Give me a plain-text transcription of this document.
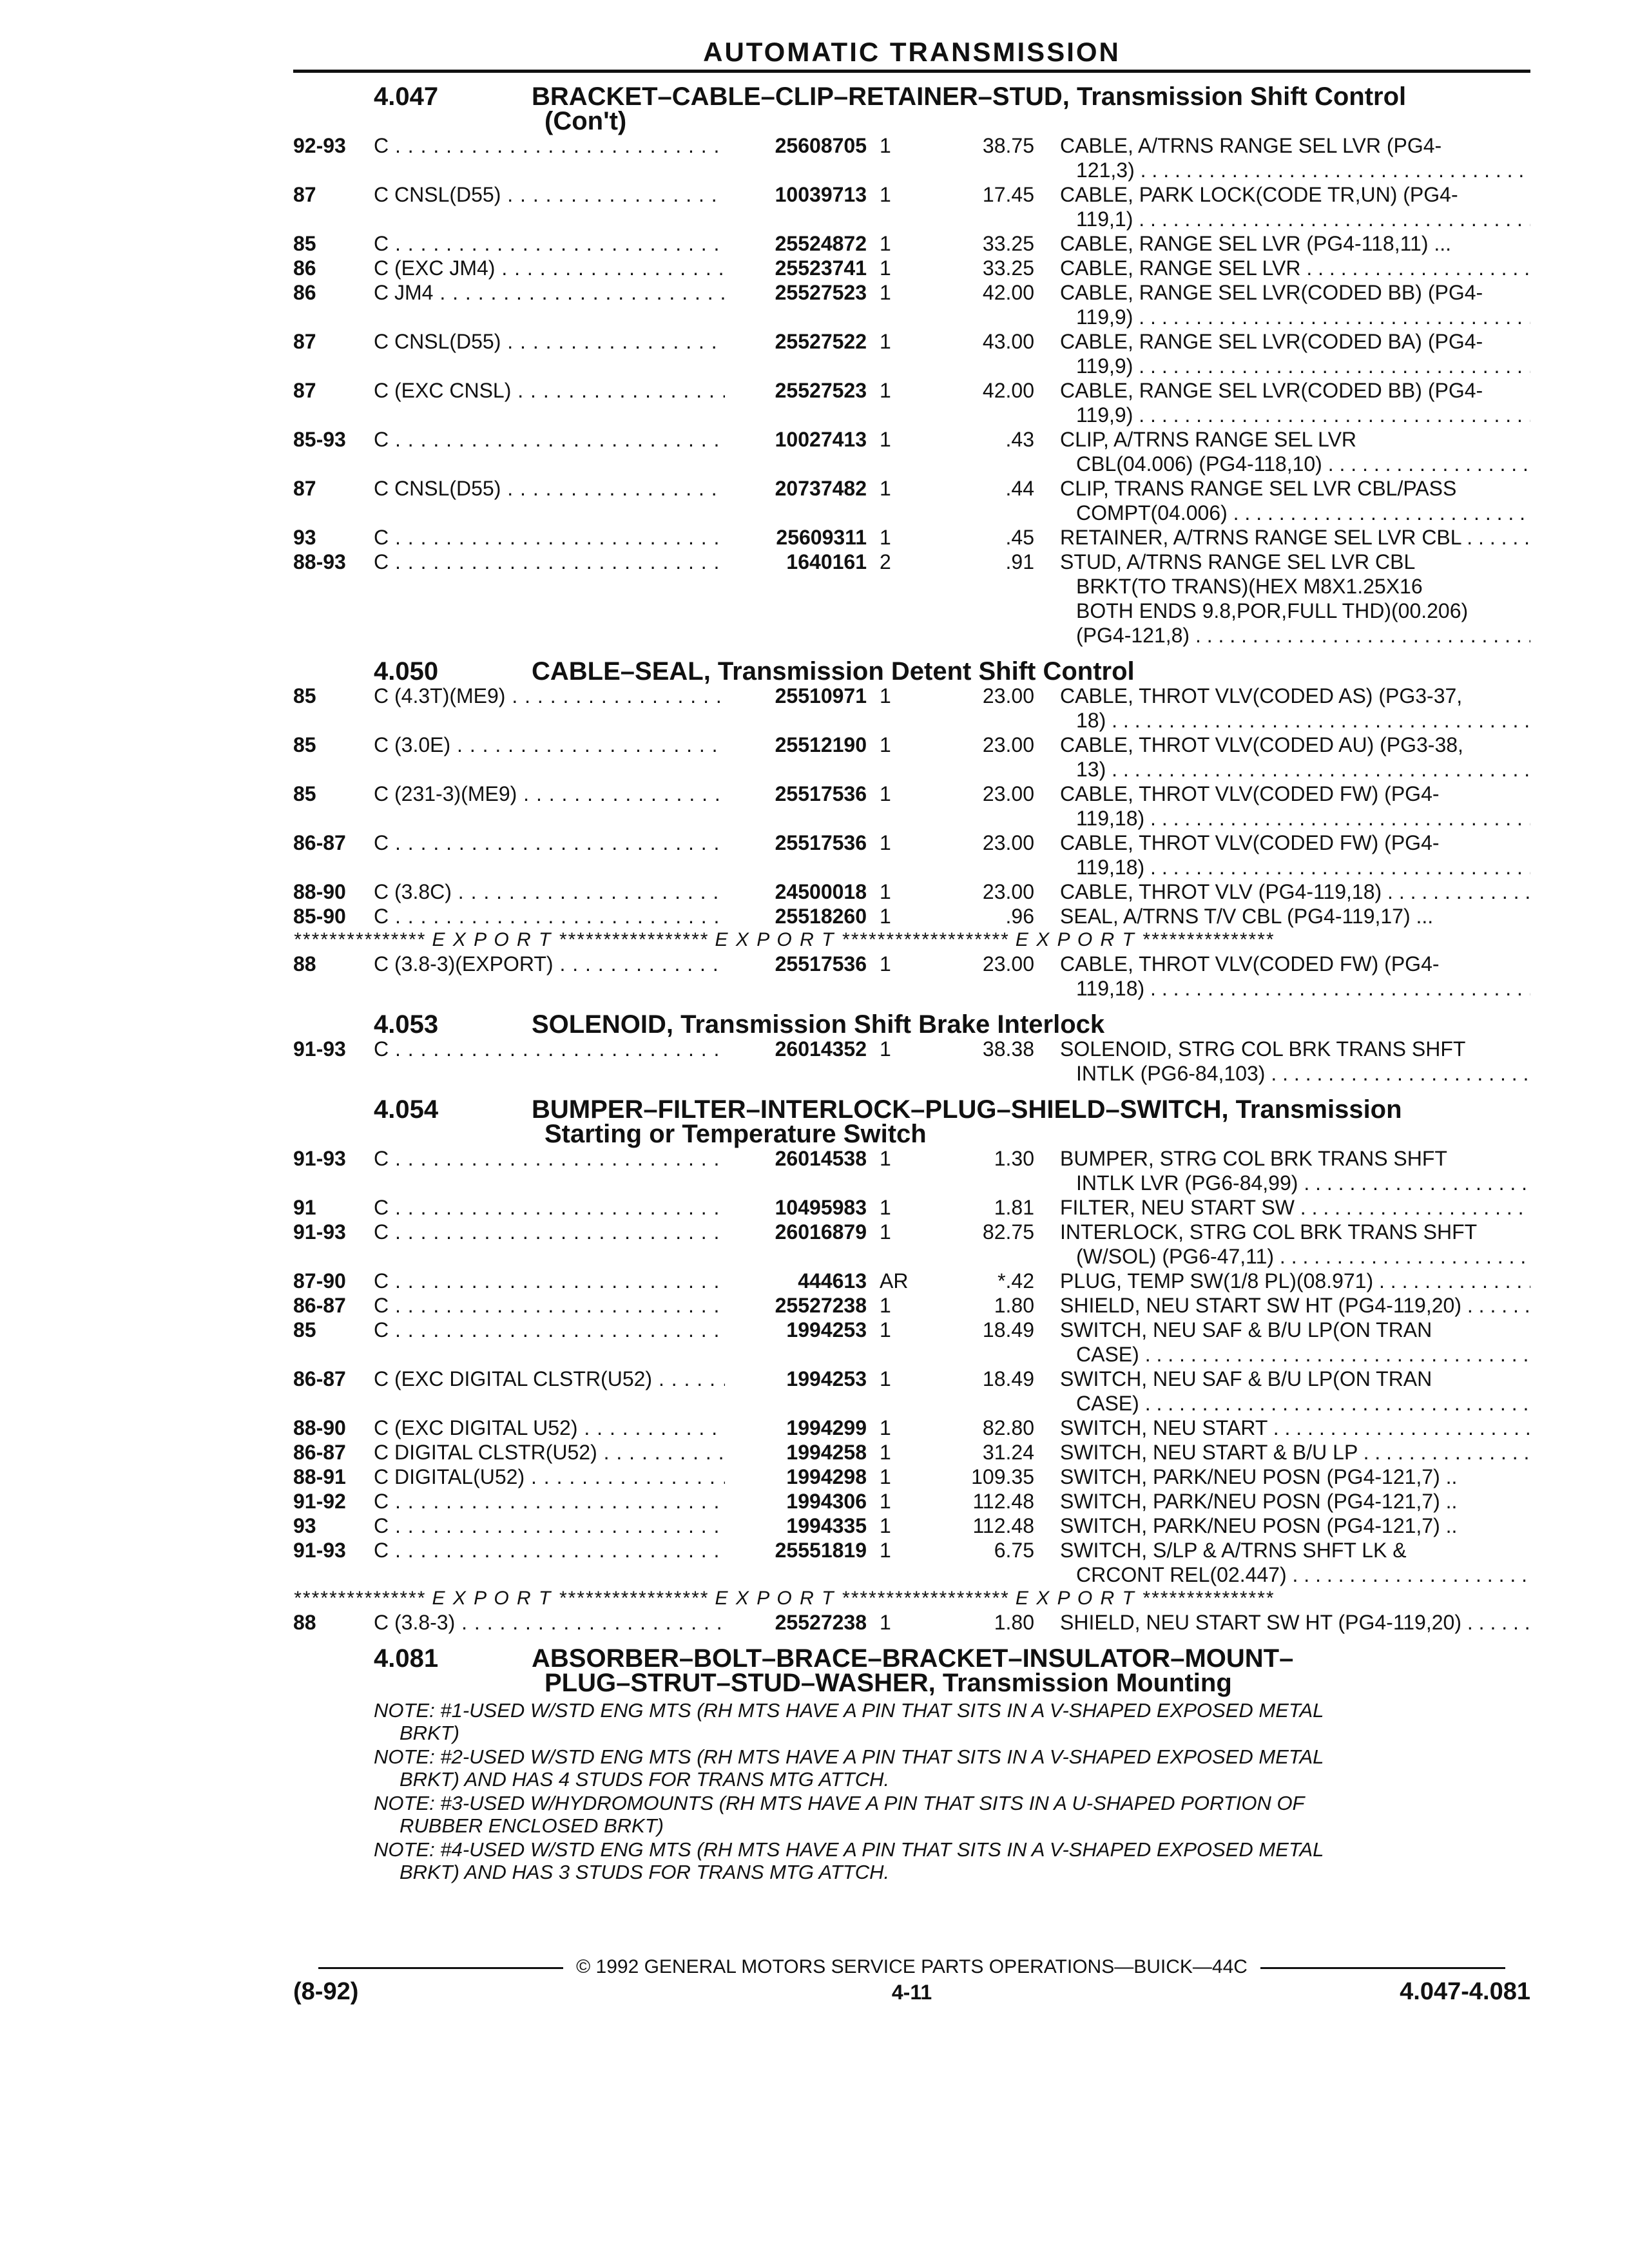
AUTOMATIC TRANSMISSION
4.047	BRACKET–CABLE–CLIP–RETAINER–STUD, Transmission Shift Control
(Con't)
92-93 C . . .	25608705 1	38.75 CABLE, A/TRNS RANGE SEL LVR (PG4-
121,3) . . .
87	C CNSL(D55) . . .	10039713 1	17.45 CABLE, PARK LOCK(CODE TR,UN) (PG4-
119,1) . . .
85	C . . .	25524872 1	33.25 CABLE, RANGE SEL LVR (PG4-118,11) ...
86	C (EXC JM4) . . .	25523741 1	33.25 CABLE, RANGE SEL LVR . . .
86	C JM4 . . .	25527523 1	42.00 CABLE, RANGE SEL LVR(CODED BB) (PG4-
119,9) . . .
87	C CNSL(D55) . . .	25527522 1	43.00 CABLE, RANGE SEL LVR(CODED BA) (PG4-
119,9) . . .
87	C (EXC CNSL) . . .	25527523 1	42.00 CABLE, RANGE SEL LVR(CODED BB) (PG4-
119,9) . . .
85-93 C . . .	10027413 1	.43 CLIP, A/TRNS RANGE SEL LVR
CBL(04.006) (PG4-118,10) . . .
87	C CNSL(D55) . . .	20737482 1	.44 CLIP, TRANS RANGE SEL LVR CBL/PASS
COMPT(04.006) . . .
93	C . . .	25609311 1	.45 RETAINER, A/TRNS RANGE SEL LVR CBL . . .
88-93 C . . .	1640161 2	.91 STUD, A/TRNS RANGE SEL LVR CBL
BRKT(TO TRANS)(HEX M8X1.25X16
BOTH ENDS 9.8,POR,FULL THD)(00.206)
(PG4-121,8) . . .
4.050	CABLE–SEAL, Transmission Detent Shift Control
85	C (4.3T)(ME9) . . .	25510971 1	23.00 CABLE, THROT VLV(CODED AS) (PG3-37,
18) . . .
85	C (3.0E) . . .	25512190 1	23.00 CABLE, THROT VLV(CODED AU) (PG3-38,
13) . . .
85	C (231-3)(ME9) . . .	25517536 1	23.00 CABLE, THROT VLV(CODED FW) (PG4-
119,18) . . .
86-87 C . . .	25517536 1	23.00 CABLE, THROT VLV(CODED FW) (PG4-
119,18) . . .
88-90 C (3.8C) . . .	24500018 1	23.00 CABLE, THROT VLV (PG4-119,18) . . .
85-90 C . . .	25518260 1	.96 SEAL, A/TRNS T/V CBL (PG4-119,17) ...
*************** E X P O R T ***************** E X P O R T ******************* E X P O R T ***************
88	C (3.8-3)(EXPORT) . . .	25517536 1	23.00 CABLE, THROT VLV(CODED FW) (PG4-
119,18) . . .
4.053	SOLENOID, Transmission Shift Brake Interlock
91-93 C . . .	26014352 1	38.38 SOLENOID, STRG COL BRK TRANS SHFT
INTLK (PG6-84,103) . . .
4.054	BUMPER–FILTER–INTERLOCK–PLUG–SHIELD–SWITCH, Transmission
Starting or Temperature Switch
91-93 C . . .	26014538 1	1.30 BUMPER, STRG COL BRK TRANS SHFT
INTLK LVR (PG6-84,99) . . .
91	C . . .	10495983 1	1.81 FILTER, NEU START SW . . .
91-93 C . . .	26016879 1	82.75 INTERLOCK, STRG COL BRK TRANS SHFT
(W/SOL) (PG6-47,11) . . .
87-90 C . . .	444613 AR	*.42 PLUG, TEMP SW(1/8 PL)(08.971) . . .
86-87 C . . .	25527238 1	1.80 SHIELD, NEU START SW HT (PG4-119,20) . . .
85	C . . .	1994253 1	18.49 SWITCH, NEU SAF & B/U LP(ON TRAN
CASE) . . .
86-87 C (EXC DIGITAL CLSTR(U52) . . .	1994253 1	18.49 SWITCH, NEU SAF & B/U LP(ON TRAN
CASE) . . .
88-90 C (EXC DIGITAL U52) . . .	1994299 1	82.80 SWITCH, NEU START . . .
86-87 C DIGITAL CLSTR(U52) . . .	1994258 1	31.24 SWITCH, NEU START & B/U LP . . .
88-91 C DIGITAL(U52) . . .	1994298 1	109.35 SWITCH, PARK/NEU POSN (PG4-121,7) ..
91-92 C . . .	1994306 1	112.48 SWITCH, PARK/NEU POSN (PG4-121,7) ..
93	C . . .	1994335 1	112.48 SWITCH, PARK/NEU POSN (PG4-121,7) ..
91-93 C . . .	25551819 1	6.75 SWITCH, S/LP & A/TRNS SHFT LK &
CRCONT REL(02.447) . . .
*************** E X P O R T ***************** E X P O R T ******************* E X P O R T ***************
88	C (3.8-3) . . .	25527238 1	1.80 SHIELD, NEU START SW HT (PG4-119,20) . . .
4.081	ABSORBER–BOLT–BRACE–BRACKET–INSULATOR–MOUNT–
PLUG–STRUT–STUD–WASHER, Transmission Mounting
NOTE: #1-USED W/STD ENG MTS (RH MTS HAVE A PIN THAT SITS IN A V-SHAPED EXPOSED METAL
BRKT)
NOTE: #2-USED W/STD ENG MTS (RH MTS HAVE A PIN THAT SITS IN A V-SHAPED EXPOSED METAL
BRKT) AND HAS 4 STUDS FOR TRANS MTG ATTCH.
NOTE: #3-USED W/HYDROMOUNTS (RH MTS HAVE A PIN THAT SITS IN A U-SHAPED PORTION OF
RUBBER ENCLOSED BRKT)
NOTE: #4-USED W/STD ENG MTS (RH MTS HAVE A PIN THAT SITS IN A V-SHAPED EXPOSED METAL
BRKT) AND HAS 3 STUDS FOR TRANS MTG ATTCH.
© 1992 GENERAL MOTORS SERVICE PARTS OPERATIONS—BUICK—44C
(8-92)	4-11	4.047-4.081
